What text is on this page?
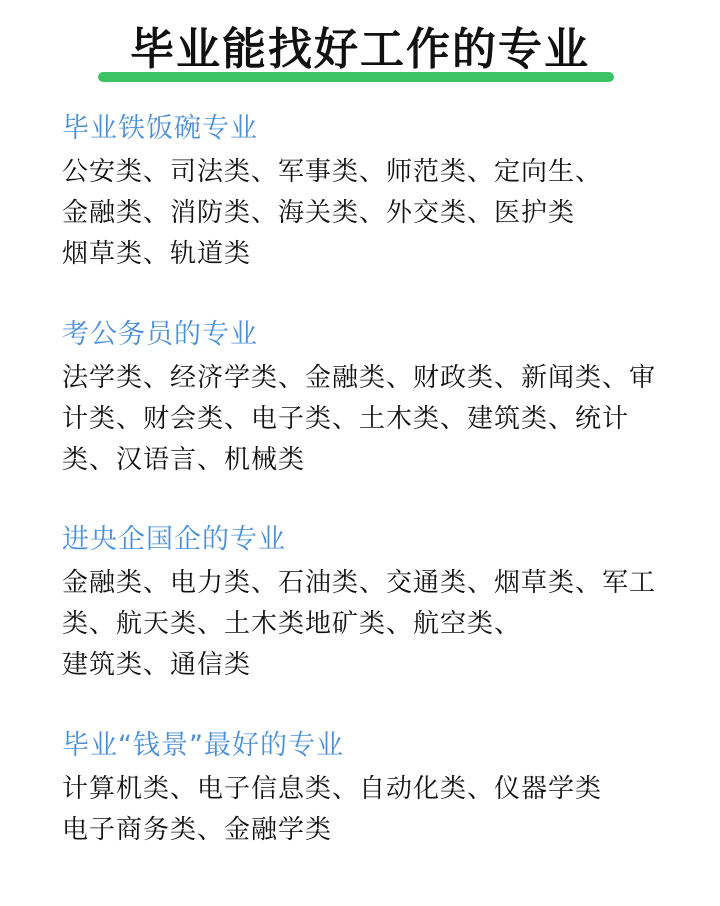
毕业能找好工作的专业
毕业铁饭碗专业
公安类、司法类、军事类、师范类、定向生、
金融类、消防类、海关类、外交类、医护类
烟草类、轨道类
考公务员的专业
法学类、经济学类、金融类、财政类、新闻类、审
计类、财会类、电子类、土木类、建筑类、统计
类、汉语言、机械类
进央企国企的专业
金融类、电力类、石油类、交通类、烟草类、军工
类、航天类、土木类地矿类、航空类、
建筑类、通信类
毕业“钱景”最好的专业
计算机类、电子信息类、自动化类、仪器学类
电子商务类、金融学类
